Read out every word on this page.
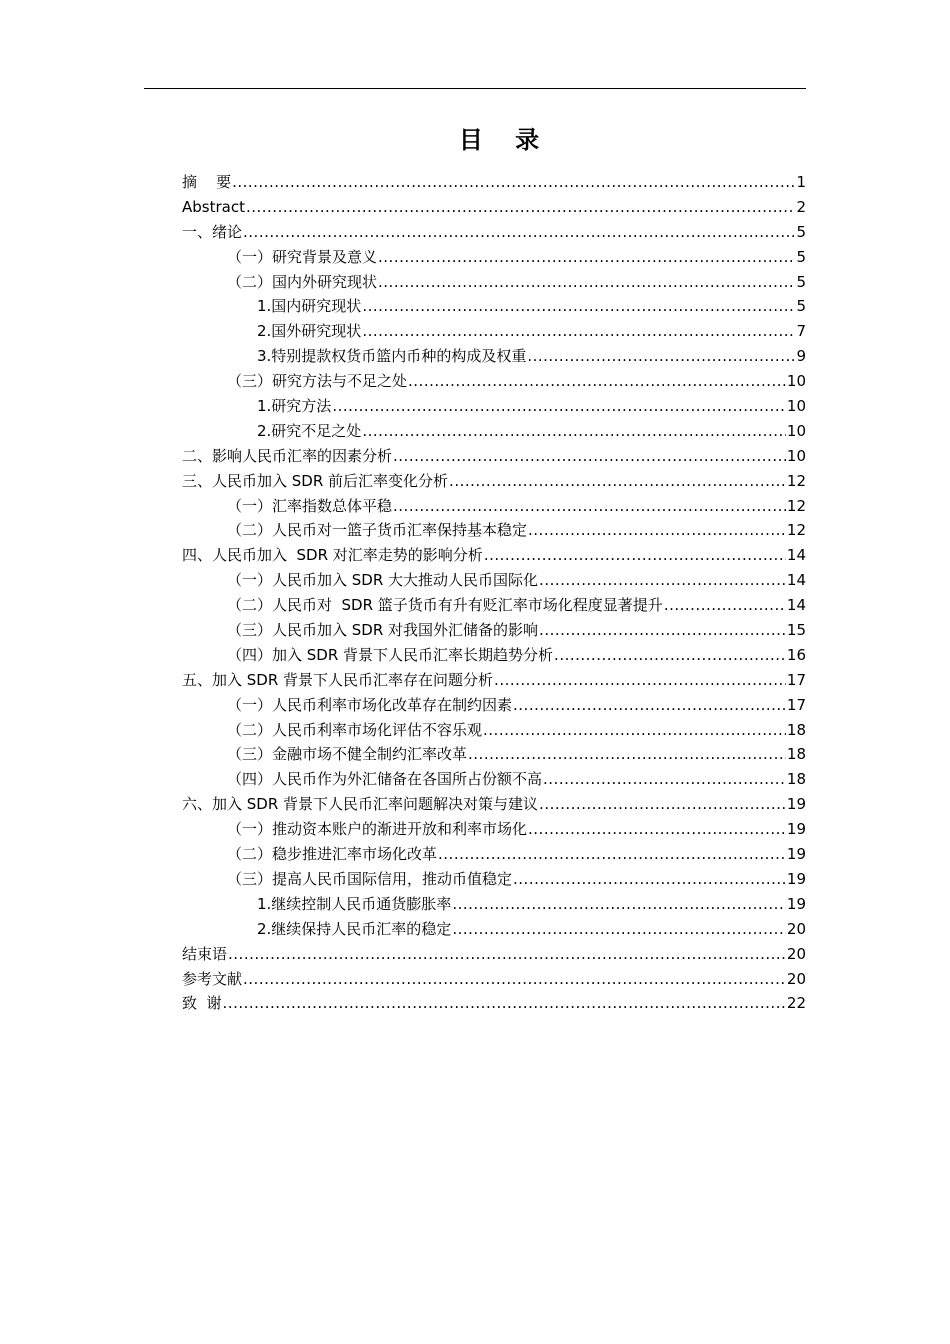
目 录
摘    要 .....	1
Abstract .....	2
一、绪论 .....	5
（一）研究背景及意义 .....	5
（二）国内外研究现状 .....	5
1.国内研究现状 .....	5
2.国外研究现状 .....	7
3.特别提款权货币篮内币种的构成及权重 .....	9
（三）研究方法与不足之处 .....	10
1.研究方法 .....	10
2.研究不足之处 .....	10
二、影响人民币汇率的因素分析 .....	10
三、人民币加入 SDR 前后汇率变化分析 .....	12
（一）汇率指数总体平稳 .....	12
（二）人民币对一篮子货币汇率保持基本稳定 .....	12
四、人民币加入  SDR 对汇率走势的影响分析 .....	14
（一）人民币加入 SDR 大大推动人民币国际化 .....	14
（二）人民币对  SDR 篮子货币有升有贬汇率市场化程度显著提升 .....	14
（三）人民币加入 SDR 对我国外汇储备的影响 .....	15
（四）加入 SDR 背景下人民币汇率长期趋势分析 .....	16
五、加入 SDR 背景下人民币汇率存在问题分析 .....	17
（一）人民币利率市场化改革存在制约因素 .....	17
（二）人民币利率市场化评估不容乐观 .....	18
（三）金融市场不健全制约汇率改革 .....	18
（四）人民币作为外汇储备在各国所占份额不高 .....	18
六、加入 SDR 背景下人民币汇率问题解决对策与建议 .....	19
（一）推动资本账户的渐进开放和利率市场化 .....	19
（二）稳步推进汇率市场化改革 .....	19
（三）提高人民币国际信用，推动币值稳定 .....	19
1.继续控制人民币通货膨胀率 .....	19
2.继续保持人民币汇率的稳定 .....	20
结束语 .....	20
参考文献 .....	20
致  谢 .....	22
